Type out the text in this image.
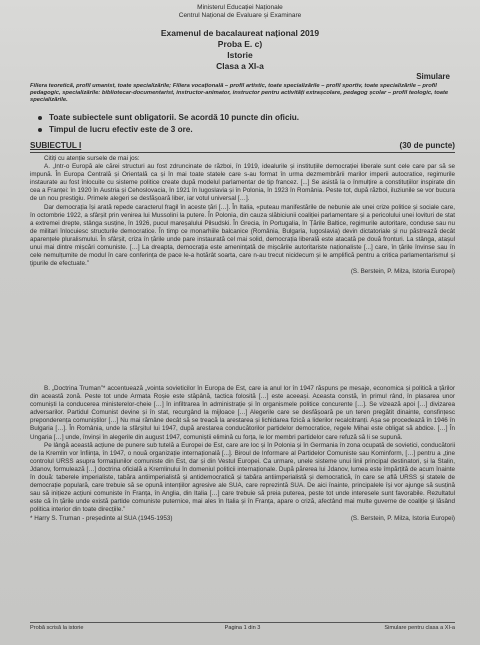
Ministerul Educației Naționale
Centrul Național de Evaluare și Examinare
Examenul de bacalaureat național 2019
Proba E. c)
Istorie
Clasa a XI-a
Simulare
Filiera teoretică, profil umanist, toate specializările; Filiera vocațională – profil artistic, toate specializările – profil sportiv, toate specializările – profil pedagogic, specializările: bibliotecar-documentarist, instructor-animator, instructor pentru activități extrașcolare, pedagog școlar – profil teologic, toate specializările.
Toate subiectele sunt obligatorii. Se acordă 10 puncte din oficiu.
Timpul de lucru efectiv este de 3 ore.
SUBIECTUL I	(30 de puncte)

Citiți cu atenție sursele de mai jos:

A. „Intr-o Europă ale cărei structuri au fost zdruncinate de război, în 1919, idealurile și instituțiile democrației liberale sunt cele care par să se impună. În Europa Centrală și Orientală ca și în mai toate statele care s-au format în urma dezmembrării marilor imperii autocratice, regimurile instaurate au fost înlocuite cu sisteme politice create după modelul parlamentar de tip francez. [...] Se asistă la o înmulțire a constituțiilor inspirate din cea a Franței: în 1920 în Austria și Cehoslovacia, în 1921 în Iugoslavia și în Polonia, în 1923 în România. Peste tot, după război, iluziunile se vor bucura de un nou prestigiu. Primele alegeri se desfășoară liber, iar votul universal […].

Dar democrația își arată repede caracterul fragil în aceste țări […]. În Italia, «puteau manifestările de nebunie ale unei crize politice și sociale care, în octombrie 1922, a sfârșit prin venirea lui Mussolini la putere. În Polonia, din cauza slăbiciunii coaliției parlamentare și a pericolului unei lovituri de stat a extremei drepte, stânga susține, în 1926, pucul mareșalului Piłsudski. În Grecia, în Portugalia, în Țările Baltice, regimurile autoritare, conduse sau nu de militari înlocuiesc structurile democratice. În timp ce monarhiile balcanice (România, Bulgaria, Iugoslavia) devin dictatoriale și nu păstrează decât aparențele pluralismului. În sfârșit, criza în țările unde pare instaurată cel mai solid, democrația liberală este atacată pe două fronturi. La stânga, atașul unui mai dintre mișcări comuniste. […] La dreapta, democrația este amenințată de mișcările autoritariste naționaliste [...] care, în țările învinse sau în cele nemulțumite de modul în care conferința de pace le-a hotărât soarta, care n-au trecut nicidecum și le amplifică pentru a critica parlamentarismul și țipurile de efectuate.”

(S. Berstein, P. Milza, Istoria Europei)

B. „Doctrina Truman”* accentuează „vointa sovieticilor în Europa de Est, care ia anul lor în 1947 răspuns pe mesaje, economica și politică a țărilor din această zonă. Peste tot unde Armata Roșie este stăpână, tactica folosită […] este aceeași. Aceasta constă, în primul rând, în plasarea unor comuniști la conducerea ministerelor-cheie […] în infiltrarea în administrație și în organismele politice concurente […]. Se vizează apoi […] divizarea adversarilor. Partidul Comunist devine și în stat, recurgând la mijloace […] Alegerile care se desfășoară pe un teren pregătit dinainte, consfințesc preponderența comuniștilor […] Nu mai rămâne decât să se treacă la arestarea și lichidarea fizică a liderilor recalcitranți. Așa se procedează în 1946 în Bulgaria […]. În România, unde la sfârșitul lui 1947, după arestarea conducătorilor partidelor democratice, regele Mihai este obligat să abdice. […] În Ungaria […] unde, învinși în alegerile din august 1947, comuniștii elimină cu forța, le lor membri partidelor care refuză să li se supună.

Pe lângă această acțiune de punere sub tutelă a Europei de Est, care are loc și în Polonia și în Germania în zona ocupată de sovietici, conducătorii de la Kremlin vor înființa, în 1947, o nouă organizație internațională [...]. Biroul de Informare al Partidelor Comuniste sau Kominform, […] pentru a „ține controlul URSS asupra formațiunilor comuniste din Est, dar și din Vestul Europei. Ca urmare, unele sisteme unui linii principal destinatori, și la Stalin, Jdanov, formulează […] doctrina oficială a Kremlinului în domeniul politicii internaționale. După părerea lui Jdanov, lumea este împărțită de acum înainte în două: taberele imperialiste, tabăra antiimperialistă și antidemocratică și tabăra antiimperialistă și democratică, în care se află URSS și statele de democrație populară, care trebuie să se opună intențiilor agresive ale SUA, care reprezintă SUA. De aici înainte, principalele își vor ajunge să susțină sau să inițieze acțiuni comuniste în Franța, în Anglia, din Italia […] care trebuie să preia puterea, peste tot unde interesele sunt favorabile. Rezultatul este că în țările unde există partide comuniste puternice, mai ales în Italia și în Franța, apare o criză, afectând mai multe guverne de coaliție și lăsând politica interior din toate direcțiile.”

* Harry S. Truman - președinte al SUA (1945-1953)	(S. Berstein, P. Milza, Istoria Europei)
Probă scrisă la istorie	Pagina 1 din 3	Simulare pentru clasa a XI-a
